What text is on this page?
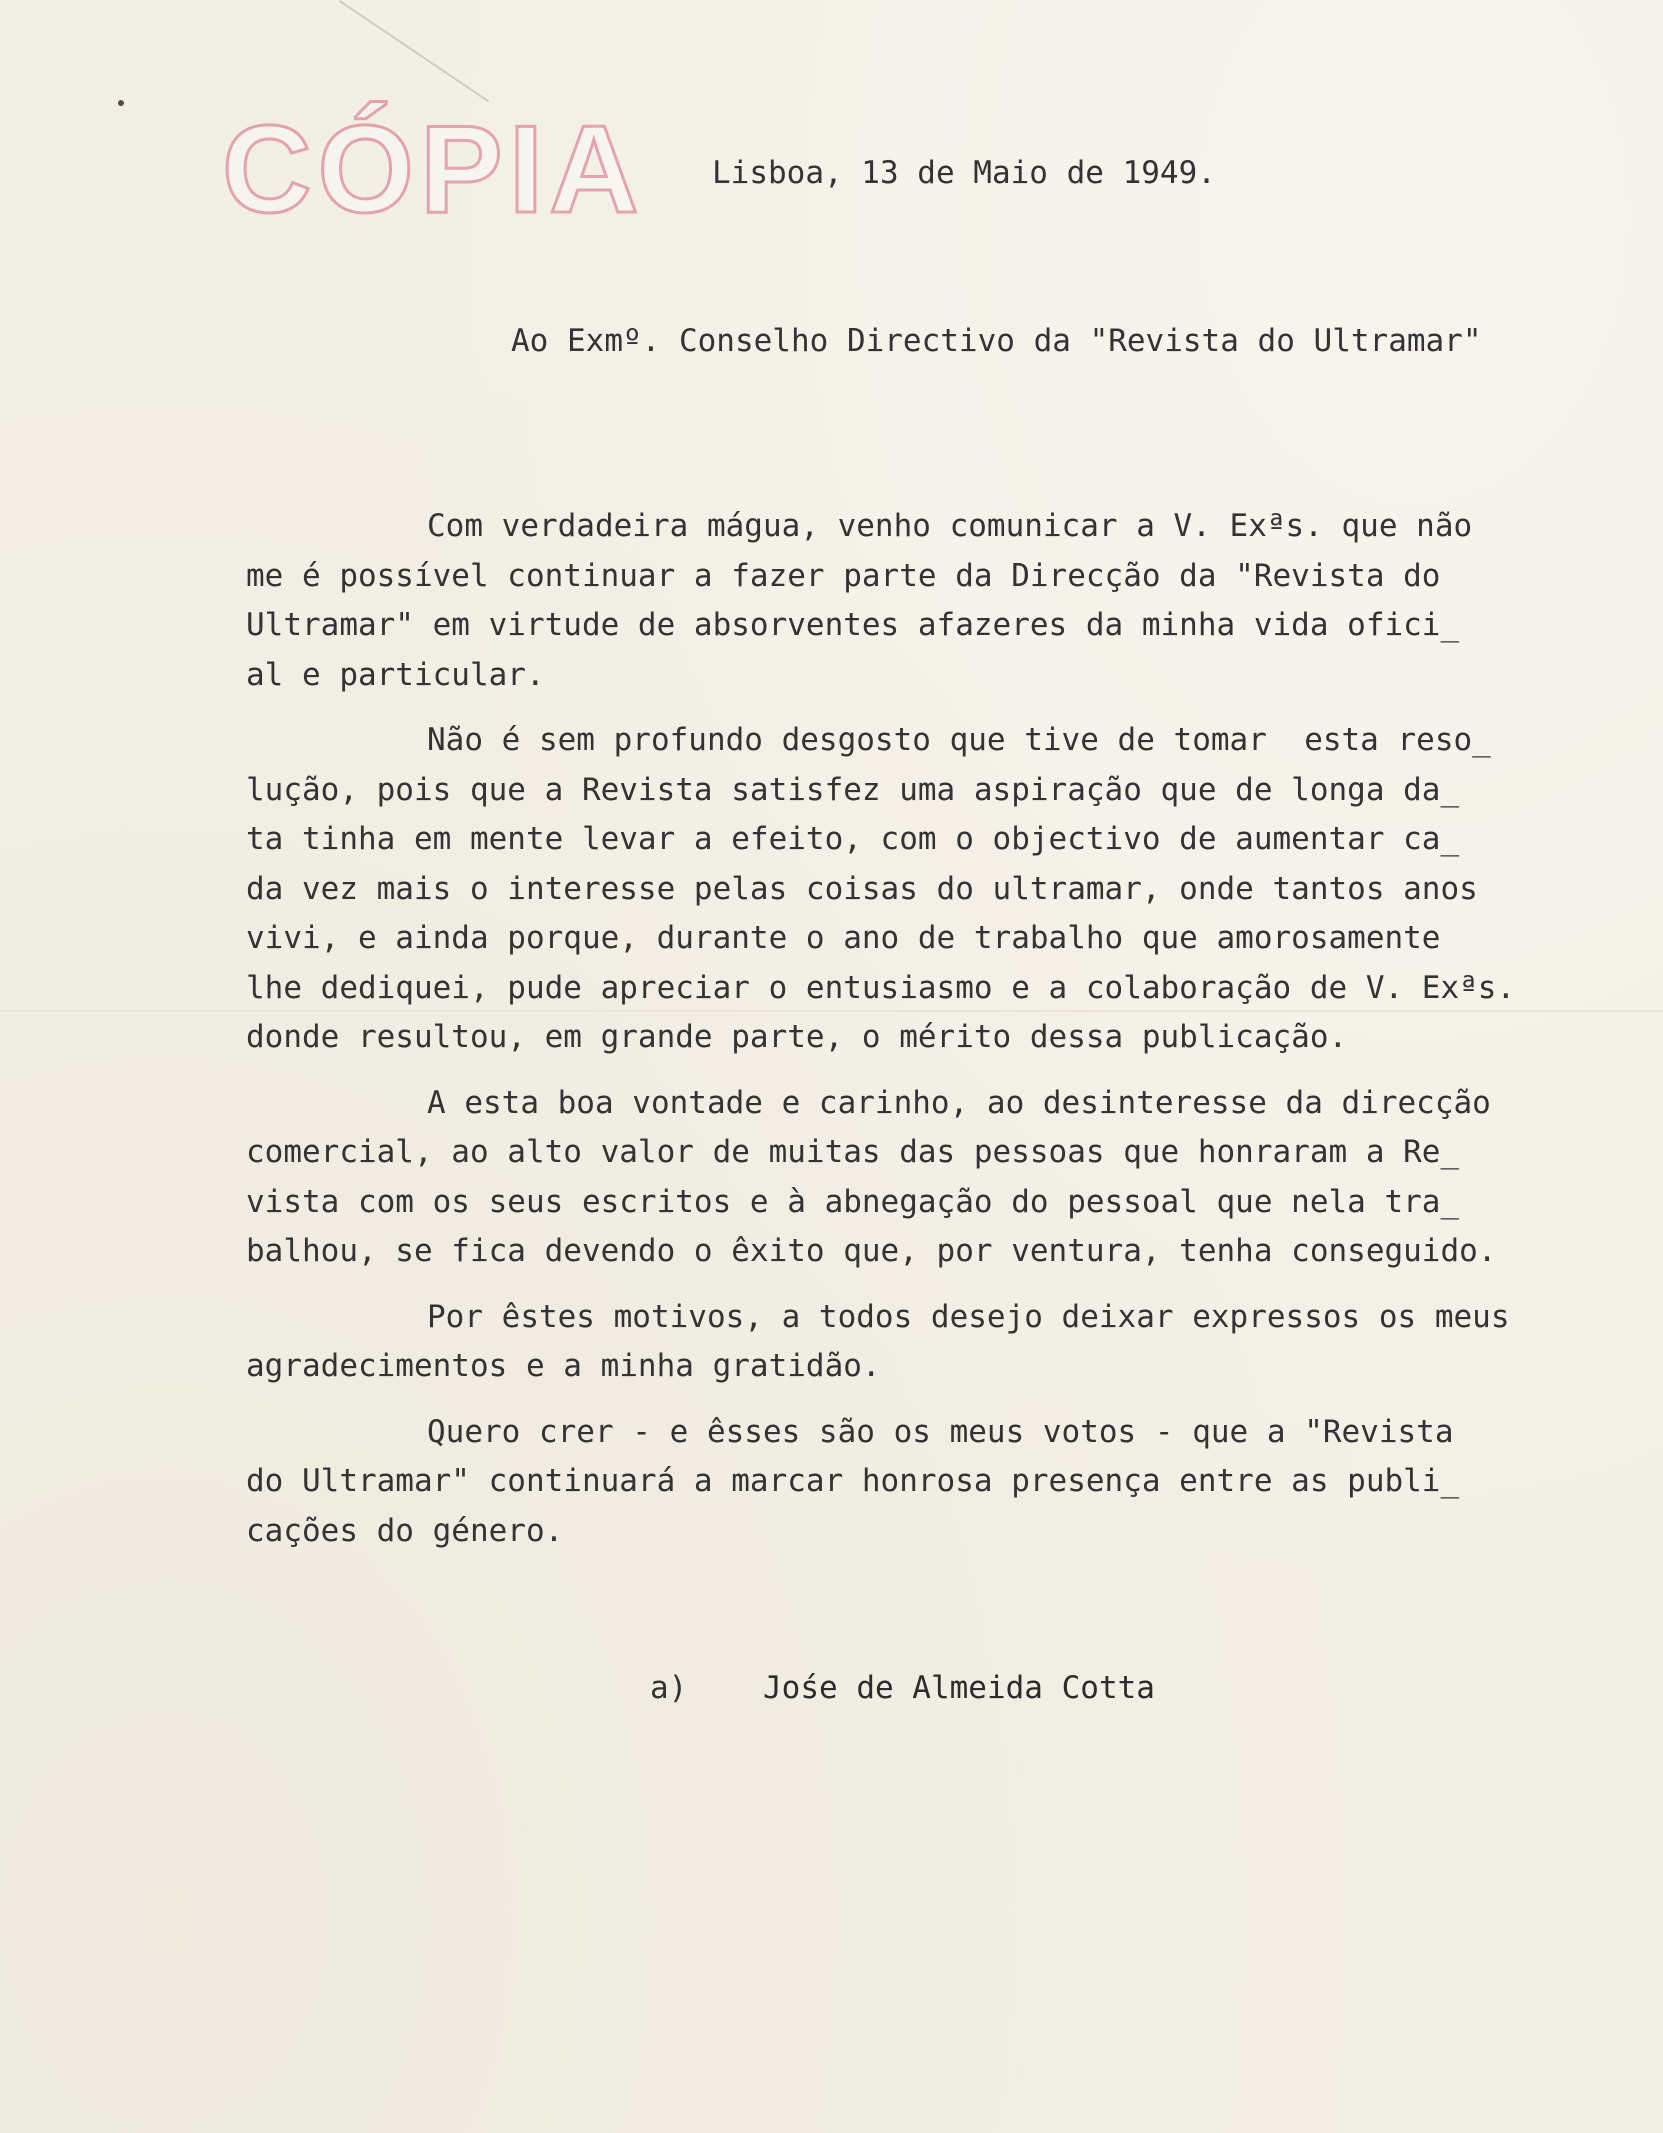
CÓPIA	Lisboa, 13 de Maio de 1949.
Ao Exmº. Conselho Directivo da "Revista do Ultramar"
Com verdadeira mágua, venho comunicar a V. Exªs. que não
me é possível continuar a fazer parte da Direcção da "Revista do
Ultramar" em virtude de absorventes afazeres da minha vida ofici_
al e particular.
Não é sem profundo desgosto que tive de tomar  esta reso_
lução, pois que a Revista satisfez uma aspiração que de longa da_
ta tinha em mente levar a efeito, com o objectivo de aumentar ca_
da vez mais o interesse pelas coisas do ultramar, onde tantos anos
vivi, e ainda porque, durante o ano de trabalho que amorosamente
lhe dediquei, pude apreciar o entusiasmo e a colaboração de V. Exªs.
donde resultou, em grande parte, o mérito dessa publicação.
A esta boa vontade e carinho, ao desinteresse da direcção
comercial, ao alto valor de muitas das pessoas que honraram a Re_
vista com os seus escritos e à abnegação do pessoal que nela tra_
balhou, se fica devendo o êxito que, por ventura, tenha conseguido.
Por êstes motivos, a todos desejo deixar expressos os meus
agradecimentos e a minha gratidão.
Quero crer - e êsses são os meus votos - que a "Revista
do Ultramar" continuará a marcar honrosa presença entre as publi_
cações do género.
a) Jośe de Almeida Cotta
